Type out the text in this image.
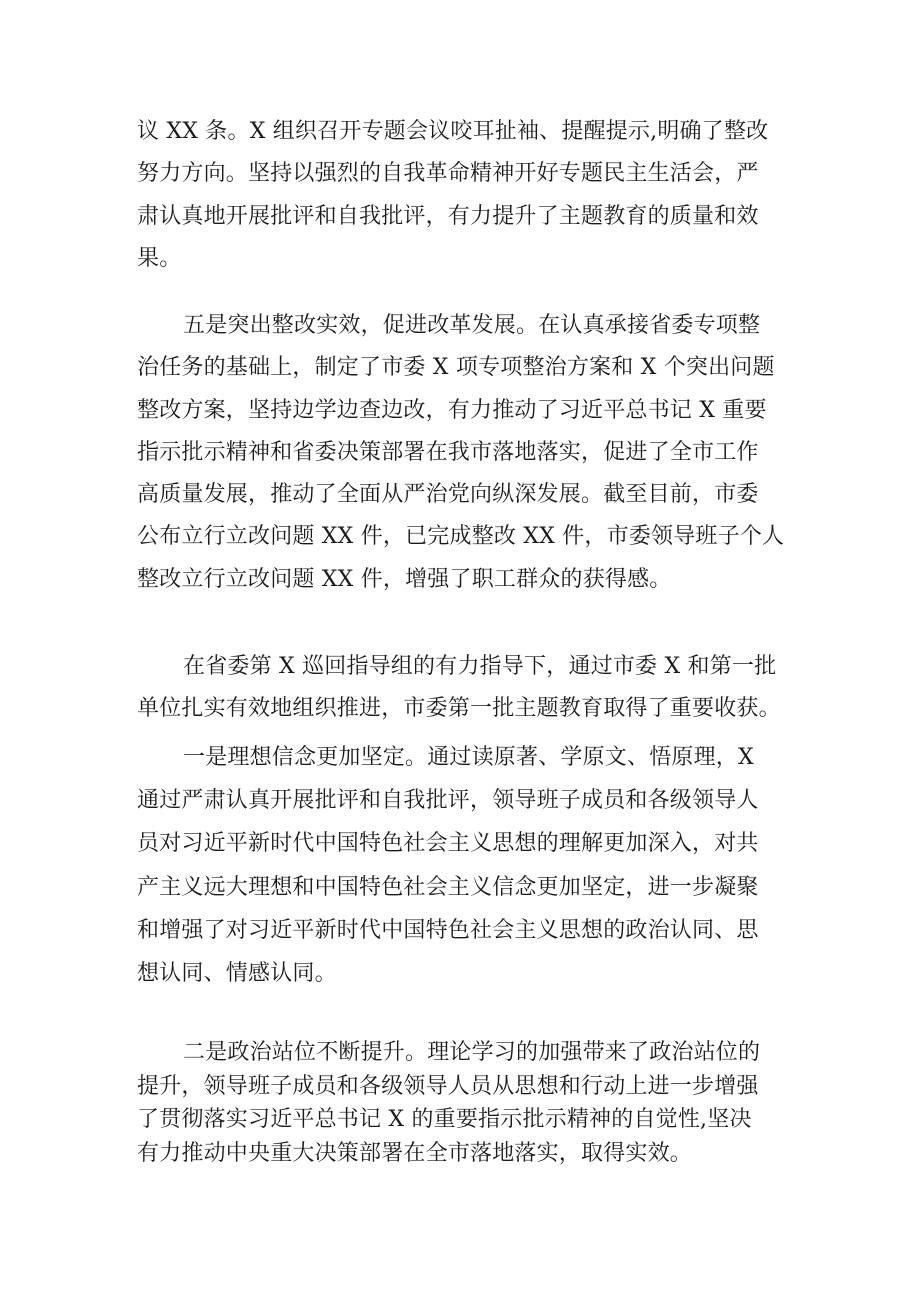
议 XX 条。X 组织召开专题会议咬耳扯袖、提醒提示,明确了整改
努力方向。坚持以强烈的自我革命精神开好专题民主生活会，严
肃认真地开展批评和自我批评，有力提升了主题教育的质量和效
果。
五是突出整改实效，促进改革发展。在认真承接省委专项整
治任务的基础上，制定了市委 X 项专项整治方案和 X 个突出问题
整改方案，坚持边学边查边改，有力推动了习近平总书记 X 重要
指示批示精神和省委决策部署在我市落地落实，促进了全市工作
高质量发展，推动了全面从严治党向纵深发展。截至目前，市委
公布立行立改问题 XX 件，已完成整改 XX 件，市委领导班子个人
整改立行立改问题 XX 件，增强了职工群众的获得感。
在省委第 X 巡回指导组的有力指导下，通过市委 X 和第一批
单位扎实有效地组织推进，市委第一批主题教育取得了重要收获。
一是理想信念更加坚定。通过读原著、学原文、悟原理，X
通过严肃认真开展批评和自我批评，领导班子成员和各级领导人
员对习近平新时代中国特色社会主义思想的理解更加深入，对共
产主义远大理想和中国特色社会主义信念更加坚定，进一步凝聚
和增强了对习近平新时代中国特色社会主义思想的政治认同、思
想认同、情感认同。
二是政治站位不断提升。理论学习的加强带来了政治站位的
提升，领导班子成员和各级领导人员从思想和行动上进一步增强
了贯彻落实习近平总书记 X 的重要指示批示精神的自觉性,坚决
有力推动中央重大决策部署在全市落地落实，取得实效。
